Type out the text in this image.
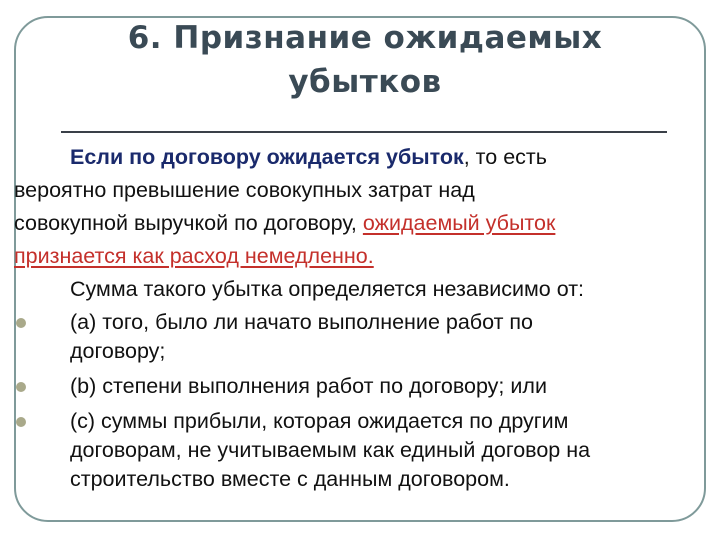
6. Признание ожидаемых
убытков
Если по договору ожидается убыток, то есть
вероятно превышение совокупных затрат над
совокупной выручкой по договору, ожидаемый убыток
признается как расход немедленно.
Сумма такого убытка определяется независимо от:
(а) того, было ли начато выполнение работ по
договору;
(b) степени выполнения работ по договору; или
(c) суммы прибыли, которая ожидается по другим
договорам, не учитываемым как единый договор на
строительство вместе с данным договором.
